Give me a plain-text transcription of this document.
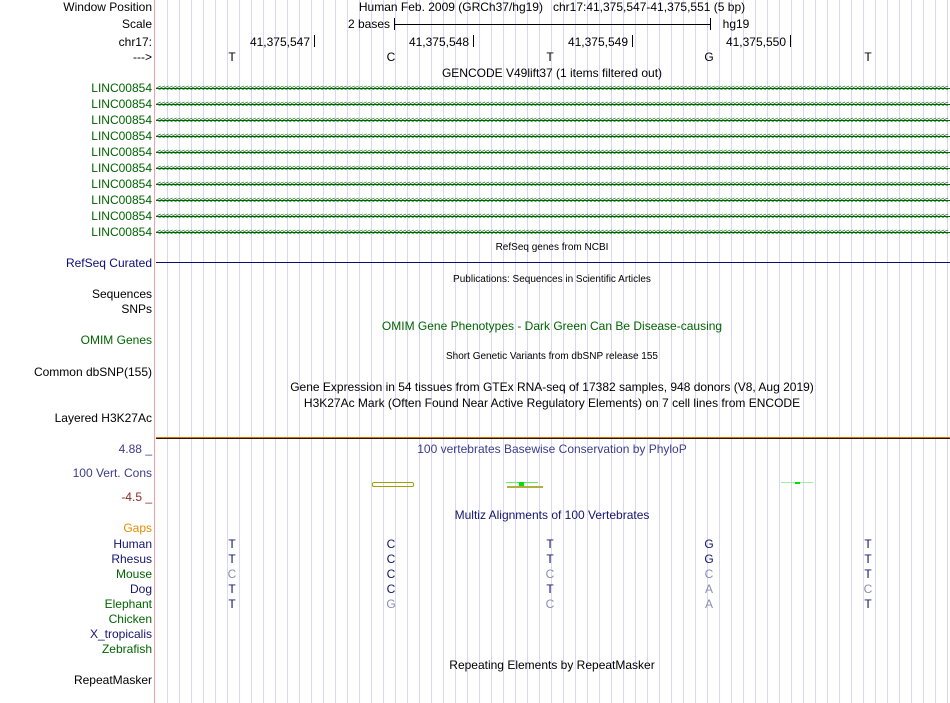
Window Position
Scale
chr17:
--->
Human Feb. 2009 (GRCh37/hg19)   chr17:41,375,547-41,375,551 (5 bp)
2 bases	hg19
41,375,547	41,375,548	41,375,549	41,375,550
T	C	T	G	T
GENCODE V49lift37 (1 items filtered out)
LINC00854 <<<<<<<<<<<<<<<<<<<<<<<<<<<<<<<<<<<<<<<<<<<<<<<<<<<<<<<<<<<<<<<<<<<<<<<<<<<<<<<<<<<<<<<<<<<<<<<<<<<<<<<<<<<<<<<<<<<<<<<<<<<<<<<<<<<<<<<<<<<<<<<<<<<<<<<<<<<<<<<<<<<<<<<<<<<<<<<<<<<<<<<<<<<<<<<<<<<<<<<<
LINC00854 <<<<<<<<<<<<<<<<<<<<<<<<<<<<<<<<<<<<<<<<<<<<<<<<<<<<<<<<<<<<<<<<<<<<<<<<<<<<<<<<<<<<<<<<<<<<<<<<<<<<<<<<<<<<<<<<<<<<<<<<<<<<<<<<<<<<<<<<<<<<<<<<<<<<<<<<<<<<<<<<<<<<<<<<<<<<<<<<<<<<<<<<<<<<<<<<<<<<<<<<
LINC00854 <<<<<<<<<<<<<<<<<<<<<<<<<<<<<<<<<<<<<<<<<<<<<<<<<<<<<<<<<<<<<<<<<<<<<<<<<<<<<<<<<<<<<<<<<<<<<<<<<<<<<<<<<<<<<<<<<<<<<<<<<<<<<<<<<<<<<<<<<<<<<<<<<<<<<<<<<<<<<<<<<<<<<<<<<<<<<<<<<<<<<<<<<<<<<<<<<<<<<<<<
LINC00854 <<<<<<<<<<<<<<<<<<<<<<<<<<<<<<<<<<<<<<<<<<<<<<<<<<<<<<<<<<<<<<<<<<<<<<<<<<<<<<<<<<<<<<<<<<<<<<<<<<<<<<<<<<<<<<<<<<<<<<<<<<<<<<<<<<<<<<<<<<<<<<<<<<<<<<<<<<<<<<<<<<<<<<<<<<<<<<<<<<<<<<<<<<<<<<<<<<<<<<<<
LINC00854 <<<<<<<<<<<<<<<<<<<<<<<<<<<<<<<<<<<<<<<<<<<<<<<<<<<<<<<<<<<<<<<<<<<<<<<<<<<<<<<<<<<<<<<<<<<<<<<<<<<<<<<<<<<<<<<<<<<<<<<<<<<<<<<<<<<<<<<<<<<<<<<<<<<<<<<<<<<<<<<<<<<<<<<<<<<<<<<<<<<<<<<<<<<<<<<<<<<<<<<<
LINC00854 <<<<<<<<<<<<<<<<<<<<<<<<<<<<<<<<<<<<<<<<<<<<<<<<<<<<<<<<<<<<<<<<<<<<<<<<<<<<<<<<<<<<<<<<<<<<<<<<<<<<<<<<<<<<<<<<<<<<<<<<<<<<<<<<<<<<<<<<<<<<<<<<<<<<<<<<<<<<<<<<<<<<<<<<<<<<<<<<<<<<<<<<<<<<<<<<<<<<<<<<
LINC00854 <<<<<<<<<<<<<<<<<<<<<<<<<<<<<<<<<<<<<<<<<<<<<<<<<<<<<<<<<<<<<<<<<<<<<<<<<<<<<<<<<<<<<<<<<<<<<<<<<<<<<<<<<<<<<<<<<<<<<<<<<<<<<<<<<<<<<<<<<<<<<<<<<<<<<<<<<<<<<<<<<<<<<<<<<<<<<<<<<<<<<<<<<<<<<<<<<<<<<<<<
LINC00854 <<<<<<<<<<<<<<<<<<<<<<<<<<<<<<<<<<<<<<<<<<<<<<<<<<<<<<<<<<<<<<<<<<<<<<<<<<<<<<<<<<<<<<<<<<<<<<<<<<<<<<<<<<<<<<<<<<<<<<<<<<<<<<<<<<<<<<<<<<<<<<<<<<<<<<<<<<<<<<<<<<<<<<<<<<<<<<<<<<<<<<<<<<<<<<<<<<<<<<<<
LINC00854 <<<<<<<<<<<<<<<<<<<<<<<<<<<<<<<<<<<<<<<<<<<<<<<<<<<<<<<<<<<<<<<<<<<<<<<<<<<<<<<<<<<<<<<<<<<<<<<<<<<<<<<<<<<<<<<<<<<<<<<<<<<<<<<<<<<<<<<<<<<<<<<<<<<<<<<<<<<<<<<<<<<<<<<<<<<<<<<<<<<<<<<<<<<<<<<<<<<<<<<<
LINC00854 <<<<<<<<<<<<<<<<<<<<<<<<<<<<<<<<<<<<<<<<<<<<<<<<<<<<<<<<<<<<<<<<<<<<<<<<<<<<<<<<<<<<<<<<<<<<<<<<<<<<<<<<<<<<<<<<<<<<<<<<<<<<<<<<<<<<<<<<<<<<<<<<<<<<<<<<<<<<<<<<<<<<<<<<<<<<<<<<<<<<<<<<<<<<<<<<<<<<<<<<
RefSeq genes from NCBI
RefSeq Curated
Publications: Sequences in Scientific Articles
Sequences
SNPs
OMIM Gene Phenotypes - Dark Green Can Be Disease-causing
OMIM Genes
Short Genetic Variants from dbSNP release 155
Common dbSNP(155)
Gene Expression in 54 tissues from GTEx RNA-seq of 17382 samples, 948 donors (V8, Aug 2019)
H3K27Ac Mark (Often Found Near Active Regulatory Elements) on 7 cell lines from ENCODE
Layered H3K27Ac
4.88 _	100 vertebrates Basewise Conservation by PhyloP
100 Vert. Cons
-4.5 _
Multiz Alignments of 100 Vertebrates
Gaps
Human	T	C	T	G	T
Rhesus	T	C	T	G	T
Mouse	C	C	C	C	T
Dog	T	C	T	A	C
Elephant	T	G	C	A	T
Chicken
X_tropicalis
Zebrafish
Repeating Elements by RepeatMasker
RepeatMasker
